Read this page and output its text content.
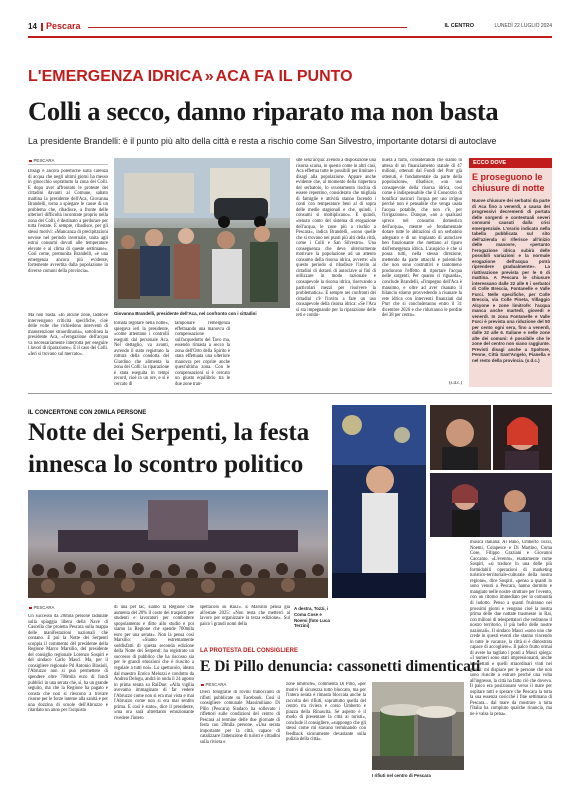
14 Pescara	IL CENTRO	LUNEDÌ 22 LUGLIO 2024
L'EMERGENZA IDRICA » ACA FA IL PUNTO
Colli a secco, danno riparato ma non basta
La presidente Brandelli: è il punto più alto della città e resta a rischio come San Silvestro, importante dotarsi di autoclave
PESCARA
Disagi e ancora polemiche sulla carenza di acqua che negli ultimi giorni ha messo in ginocchio soprattutto la zona dei Colli. E dopo aver affrontato le proteste dei cittadini davanti al Comune, sabato mattina la presidente dell'Aca, Giovanna Brandelli, torna a spiegare le cause di un problema che, ribadisce, a fronte delle ulteriori difficoltà incontrate proprio nella zona dei Colli, è destinato a perdurare per tutta l'estate. E sempre, ribadisce, per gli stessi motivi: «Mancanza di precipitazioni nevose nel periodo invernale, unita agli estrai consumi dovuti alle temperature elevate e al clima di queste settimane». Così come, premunita Brandelli, «è una emergenza ancora più evidente, fortemente avvertita dalla popolazione in diverse comuni della provincia».
Ma non basta. «In alcune zone, laddove intervengono criticità specifiche, cioè delle volte che richiedono interventi di manutenzione straordinaria», sottolinea la presidente Aca, «l'erogazione dell'acqua va necessariamente interrotta per eseguire i lavori di riparazione». È il caso dei Colli. «Ieri si trovano sul mercato».
Giovanna Brandelli, presidente dell'Aca, nel confronto con i cittadini
tornata regolare nella notte», spiegava ieri la presidente, «come attentano i controlli eseguiti dal personale Aca. Nel dettaglio, va avanti, avrendo il stato registrato la rottura della condotta del Giardino che alimenta la zona dei Colli: la riparazione è stata eseguita in tempi record, cioè in un ore, e si è cercato di
tamponare l'emergenza effettuando una manovra di compensazione sull'acquedotto del Tavo ma, essendo rimasta a secco la zona dell'Orto della Spirito è stata effettuata una ulteriore manovra per coprire anche quest'ultima zona. Con le compensazioni si è cercato un giusto equilibrio tra le due zone tran-
site senz'acqua: avendo a disposizione una risorsa scarsa, in questo come in altri casi, Aca effettua tutte le possibili per limitare i disagi alla popolazione. Appare anche evidente che, al momento della riapertura del serbatoio, lo svuotamento rischia di essere repentino, considerato che migliaia di famiglie e attività stanno facendo i conti con temperature beni al di sopra delle medie stagionali e che, quindi, i consumi si moltiplicano». E quindi, «tenuto conto del sistema di erogazione dell'acqua, le zone più a rischio a Pescara», indica Brandelli, «sono quelle che si trovano nei punti più alti della città, come i Colli e San Silvestro». Una conseguenza che deve ulteriormente motivare la popolazione ad un attento consumo della risorsa idrica, avverte: «In questo periodo si ribadisce l'invito ai cittadini di dotarsi di autoclave ai fini di utilizzare in modo razionale e consapevole la risorsa idrica, riservando a particolari mezzi per risolvere la problematica». E sempre nei confronti dei cittadini c'è l'invito a fare un uso consapevole della risorsa idrica: «Se l'Aca si sta impegnando per la riparazione delle reti e contin-
nuerà a farlo, considerando che siamo in attesa di un finanziamento statale di 47 milioni, ottenuti dal Fondi del Pnrr già ottenuti, è fondamentale da parte della popolazione», ribadisce, «un uso consapevole della risorsa idrica, così come è indispensabile che il Consorzio di bonifica assicuri l'acqua per uso irriguo perché non è pensabile che venga usata l'acqua potabile, che non c'è, per l'irrigazione». Dunque, «no a qualsiasi spreco nel consumo domestico dell'acqua», mentre «è fondamentale dotare tutte le abitazioni di un serbatoio adeguato e di un impianto di autoclave ben funzionante che mettano al riparo dall'emergenza idrica. L'auspicio è che si possa tutti, nella stessa direzione, mettendo da parte attacchi e polemiche che non sono costruttivi e tantomeno producono l'effetto di riportare l'acqua nelle sorgenti. Per quanto ci riguarda», conclude Brandelli, «l'impegno dell'Aca è massimo, e oltre ad aver risanato il bilancio stiamo provvedendo a risanare la rete idrica con interventi finanziati dal Pnrr che si concluderanno entro il 31 dicembre 2026 e che ridurranno le perdite del 38 per cento».
(s.d.c.)
ECCO DOVE
E proseguono le chiusure di notte
Nuove chiusure dei serbatoi da parte di Aca fino a venerdì, a causa dei progressivi decrementi di portata delle sorgenti e contestuali severi consumi causati dalla crisi emergenziale. L'orario indicato nella tabella pubblicata sul sito dell'azienda si riferisce all'inizio delle manovre, «pertanto l'erogazione idrica subirà delle possibili variazioni e la normale erogazione dell'acqua potrà riprendere gradualmente». La riattivazione prevista per le 6 di mattina. A Pescara le chiusure interessano dalle 22 alle 6 i serbatoi di Colle Breccia, Fontanelle e Valle Furci. Nelle specifiche, per Colle Breccia, via Colle Pineta, Villaggio Alcyone e zone limitrofe: l'acqua manca anche martedì, giovedì e venerdì. In zona Fontanelle e Valle Furci è prevista una riduzione del 50 per cento ogni sera, fino a venerdì, dalle 22 alle 6. Italiane e nelle zone alte dei comuni: è possibile che le zone del centro non siano raggiunte. Previsti disagi anche a Spoltore, Penne, Città Sant'Angelo, Pianella e nel resto della provincia. (s.d.c.)
IL CONCERTONE CON 20MILA PERSONE
Notte dei Serpenti, la festa
innesca lo scontro politico
PESCARA
Un successo da 20mila persone radunate sulla spiaggia libera della Nave di Cascella che proietta Pescara sulla mappa delle manifestazioni nazionali che contano. E poi la Notte dei Serpenti scoppia il commento del presidente della Regione Marco Marsilio, del presidente del consiglio regionale Lorenzo Sospiri e del sindaco Carlo Masci. Ma, per il consigliere regionale Pd Antonio Blasioli, l'Abruzzo non si può permettere di spendere oltre 700mila euro di fondi pubblici in una serata che, sì, ha un grande seguito, ma che la Regione ha pagato e consta che non si riescono a trovare risorse per le forze interne alla sanità e per una dozzina di scuole dell'Abruzzo e ritardato un anno per l'acquisto
di una pet tac, siamo la Regione che aumenta del 20% il costo dei trasporti per studenti e lavoratori per combattere spopolamento e ditto allo studio e poi siamo la Regione che spende 700mila euro per una serata». Non la pensa così Marsilio: «Siamo estremamente soddisfatti di questa seconda edizione della Notte dei Serpenti: ha registrato un successo di pubblico che ha riscosso sia per le grandi emozioni che è riuscito a regalare a tutti noi». Lo spettacolo, ideato dal maestro Enrico Melozzi e condotto da Andrea Delogu, andrà in onda il 24 agosto in prima serata su RaiDue: «Alla vigilia avevamo immaginato di far vedere l'Abruzzo come non si era mai vista e mai l'Abruzzo come non si era mai sentito prima. E così è stato», dice il presidente, «ma ora sarà altrettanto emozionante rivedere l'intero
spettacolo su Rai2». E Marsilio pensa già all'estate 2025: «Non resta che metterci al lavoro per organizzare la terza edizione». Sul palco i grandi nomi della
A destra, Tozzi, i Coma Cose e Noemi (foto Luca Terzini)
musica italiana: Al Bano, Umberto Tozzi, Noemi, Colapesce e Di Martino, Coma Cose, Filippo Graziani e Giovanni Caccamo. «L'evento», esattamente come Sospiri, «si traduce in una delle più formidabili operazioni di marketing turistico-territoriale-culturale della nostra regione», dice Sospiri, «penso a quanti lo sono venuti a Pescara, hanno dormito e mangiato nelle nostre strutture per l'evento, con un ritorno immediato per la comunità di indotto. Penso a quanti fruiranno nei prossimi giorni e vengano cioè la nostra prima delle due nottate trasmesse in Rai, con milioni di telespettatori che vedranno il nostro territorio, il più bello delle nostre nazionali». Il sindaco Masci «sono uno che crede in questi eventi che stanno vincendo in tutte le vacanze, la città si è dimostrata capace di accogliere». Il palco frutto ormai di avere ha tagliato i ponti a Masci spiega: «I numeri sono stati impressionanti, anche inaspettati e quelli straordinari vinti nei giorni: mi dispiace per le persone che non sono riuscite a entrare perché una volta all'ingresso, la città ha fatto ciò che doveva. Il palco era posizionato verso il mare per ospitare tutti e sperare che Pescara la tutta la sua essenza cosicché i fine settimana di Pescara... dal mare da mostrare a tutta l'Italia ha compiuto qualche rinuncia, ma ne è valsa la pena».
LA PROTESTA DEL CONSIGLIERE
E Di Pillo denuncia: cassonetti dimenticati
PESCARA
Dieci fotografie di rovini traboccanti di rifiuti pubblicate su Facebook. Così il consigliere comunale Massimiliano Di Pillo (Pescara) Sindaco ha sollevato i riflettori sulle condizioni del centro di Pescara al termine delle due giornate di festa con 20mila persone. «Una serata importante per la città, capace di catalizzare l'attenzione di turisti e cittadini sulla riviera e
zone limitrofe», commenta Di Pillo, «per motivi di sicurezza tutto bloccato, ma per l'intera serata è rimasta bloccata anche la raccolta dei rifiuti, soprattutto quella del centro tra riviera e corso Umberto e piazza della Rinascita. Se aspetto è il modo di presentare la città ai turisti», conclude il consigliere, «suppongo che gli stessi come mi stavano terminando con feedback sicuramente devastante sulla pulizia della città».
I rifiuti nel centro di Pescara
